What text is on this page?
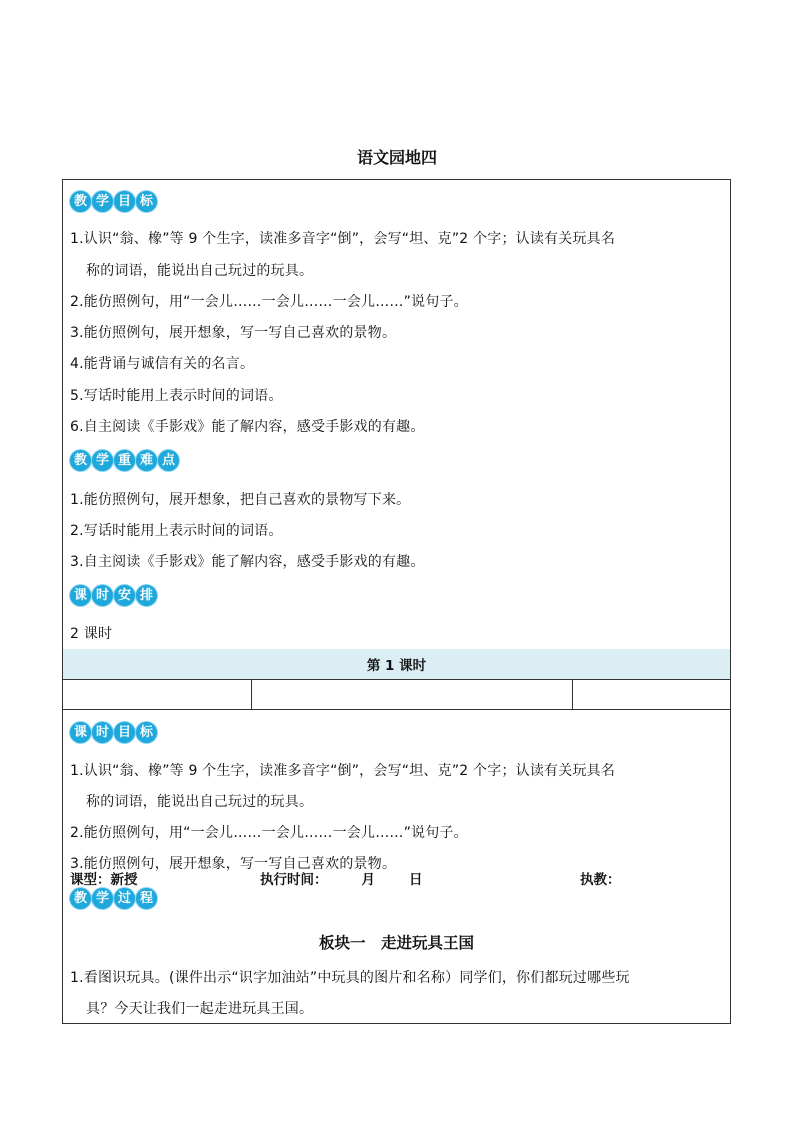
语文园地四
教 学 目 标
1.认识“翁、橡”等 9 个生字，读准多音字“倒”，会写“坦、克”2 个字；认读有关玩具名
称的词语，能说出自己玩过的玩具。
2.能仿照例句，用“一会儿……一会儿……一会儿……”说句子。
3.能仿照例句，展开想象，写一写自己喜欢的景物。
4.能背诵与诚信有关的名言。
5.写话时能用上表示时间的词语。
6.自主阅读《手影戏》能了解内容，感受手影戏的有趣。
教 学 重 难 点
1.能仿照例句，展开想象，把自己喜欢的景物写下来。
2.写话时能用上表示时间的词语。
3.自主阅读《手影戏》能了解内容，感受手影戏的有趣。
课 时 安 排
2 课时
第 1 课时
课型：新授	执行时间：	月	日	执教：
课 时 目 标
1.认识“翁、橡”等 9 个生字，读准多音字“倒”，会写“坦、克”2 个字；认读有关玩具名
称的词语，能说出自己玩过的玩具。
2.能仿照例句，用“一会儿……一会儿……一会儿……”说句子。
3.能仿照例句，展开想象，写一写自己喜欢的景物。
教 学 过 程
板块一　走进玩具王国
1.看图识玩具。(课件出示“识字加油站”中玩具的图片和名称）同学们，你们都玩过哪些玩
具？今天让我们一起走进玩具王国。
